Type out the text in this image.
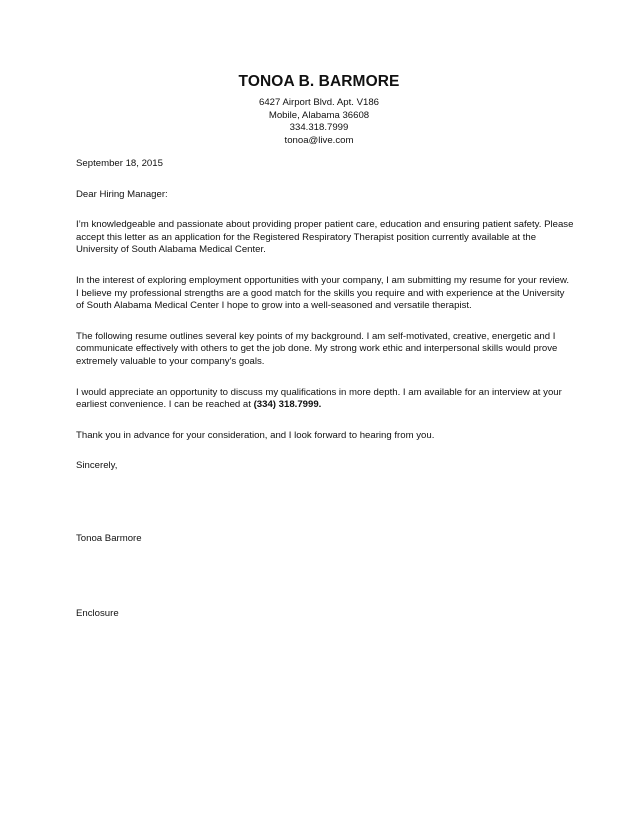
TONOA B. BARMORE
6427 Airport Blvd. Apt. V186
Mobile, Alabama 36608
334.318.7999
tonoa@live.com

September 18, 2015

Dear Hiring Manager:

I’m knowledgeable and passionate about providing proper patient care, education and ensuring patient safety. Please
accept this letter as an application for the Registered Respiratory Therapist position currently available at the
University of South Alabama Medical Center.
In the interest of exploring employment opportunities with your company, I am submitting my resume for your review.
I believe my professional strengths are a good match for the skills you require and with experience at the University
of South Alabama Medical Center I hope to grow into a well-seasoned and versatile therapist.
The following resume outlines several key points of my background. I am self-motivated, creative, energetic and I
communicate effectively with others to get the job done. My strong work ethic and interpersonal skills would prove
extremely valuable to your company's goals.
I would appreciate an opportunity to discuss my qualifications in more depth. I am available for an interview at your
earliest convenience. I can be reached at (334) 318.7999.

Thank you in advance for your consideration, and I look forward to hearing from you.

Sincerely,

Tonoa Barmore

Enclosure
